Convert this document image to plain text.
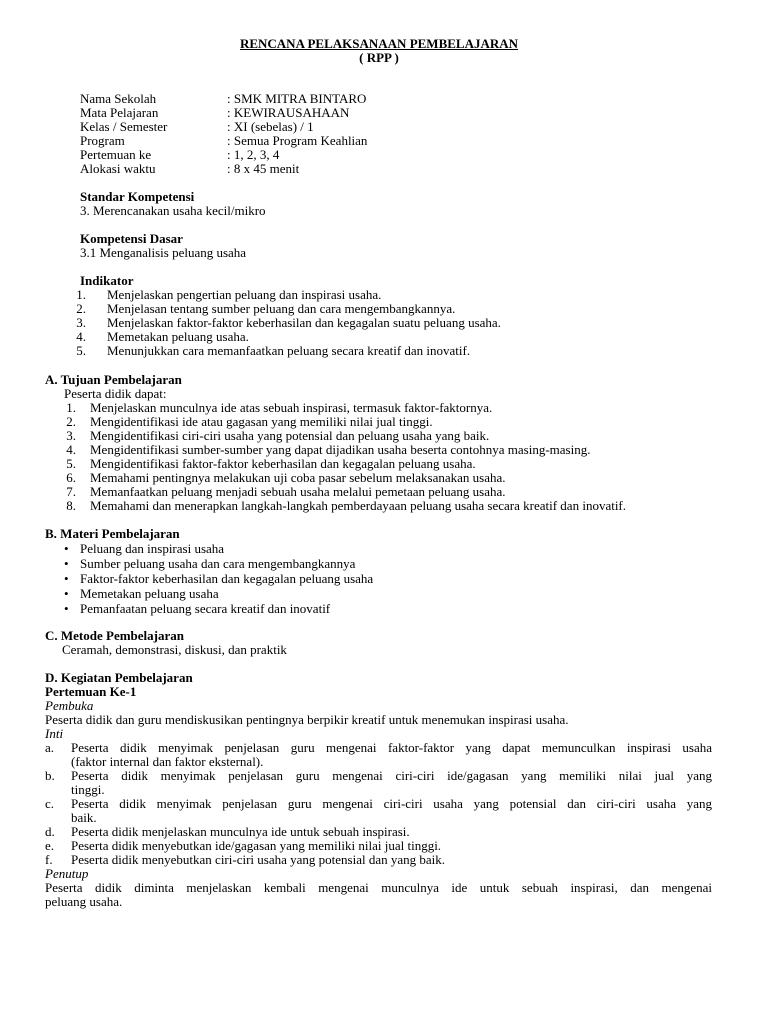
RENCANA PELAKSANAAN PEMBELAJARAN
( RPP )
Nama Sekolah	: SMK MITRA BINTARO
Mata Pelajaran	: KEWIRAUSAHAAN
Kelas / Semester	: XI (sebelas) / 1
Program	: Semua Program Keahlian
Pertemuan ke	: 1, 2, 3, 4
Alokasi waktu	: 8 x 45 menit
Standar Kompetensi
3. Merencanakan usaha kecil/mikro
Kompetensi Dasar
3.1 Menganalisis peluang usaha
Indikator
1. Menjelaskan pengertian peluang dan inspirasi usaha.
2. Menjelasan tentang sumber peluang dan cara mengembangkannya.
3. Menjelaskan faktor-faktor keberhasilan dan kegagalan suatu peluang usaha.
4. Memetakan peluang usaha.
5. Menunjukkan cara memanfaatkan peluang secara kreatif dan inovatif.
A. Tujuan Pembelajaran
Peserta didik dapat:
1. Menjelaskan munculnya ide atas sebuah inspirasi, termasuk faktor-faktornya.
2. Mengidentifikasi ide atau gagasan yang memiliki nilai jual tinggi.
3. Mengidentifikasi ciri-ciri usaha yang potensial dan peluang usaha yang baik.
4. Mengidentifikasi sumber-sumber yang dapat dijadikan usaha beserta contohnya masing-masing.
5. Mengidentifikasi faktor-faktor keberhasilan dan kegagalan peluang usaha.
6. Memahami pentingnya melakukan uji coba pasar sebelum melaksanakan usaha.
7. Memanfaatkan peluang menjadi sebuah usaha melalui pemetaan peluang usaha.
8. Memahami dan menerapkan langkah-langkah pemberdayaan peluang usaha secara kreatif dan inovatif.
B. Materi Pembelajaran
• Peluang dan inspirasi usaha
• Sumber peluang usaha dan cara mengembangkannya
• Faktor-faktor keberhasilan dan kegagalan peluang usaha
• Memetakan peluang usaha
• Pemanfaatan peluang secara kreatif dan inovatif
C. Metode Pembelajaran
Ceramah, demonstrasi, diskusi, dan praktik
D. Kegiatan Pembelajaran
Pertemuan Ke-1
Pembuka
Peserta didik dan guru mendiskusikan pentingnya berpikir kreatif untuk menemukan inspirasi usaha.
Inti
a. Peserta didik menyimak penjelasan guru mengenai faktor-faktor yang dapat memunculkan inspirasi usaha
(faktor internal dan faktor eksternal).
b. Peserta didik menyimak penjelasan guru mengenai ciri-ciri ide/gagasan yang memiliki nilai jual yang
tinggi.
c. Peserta didik menyimak penjelasan guru mengenai ciri-ciri usaha yang potensial dan ciri-ciri usaha yang
baik.
d. Peserta didik menjelaskan munculnya ide untuk sebuah inspirasi.
e. Peserta didik menyebutkan ide/gagasan yang memiliki nilai jual tinggi.
f. Peserta didik menyebutkan ciri-ciri usaha yang potensial dan yang baik.
Penutup
Peserta didik diminta menjelaskan kembali mengenai munculnya ide untuk sebuah inspirasi, dan mengenai
peluang usaha.
